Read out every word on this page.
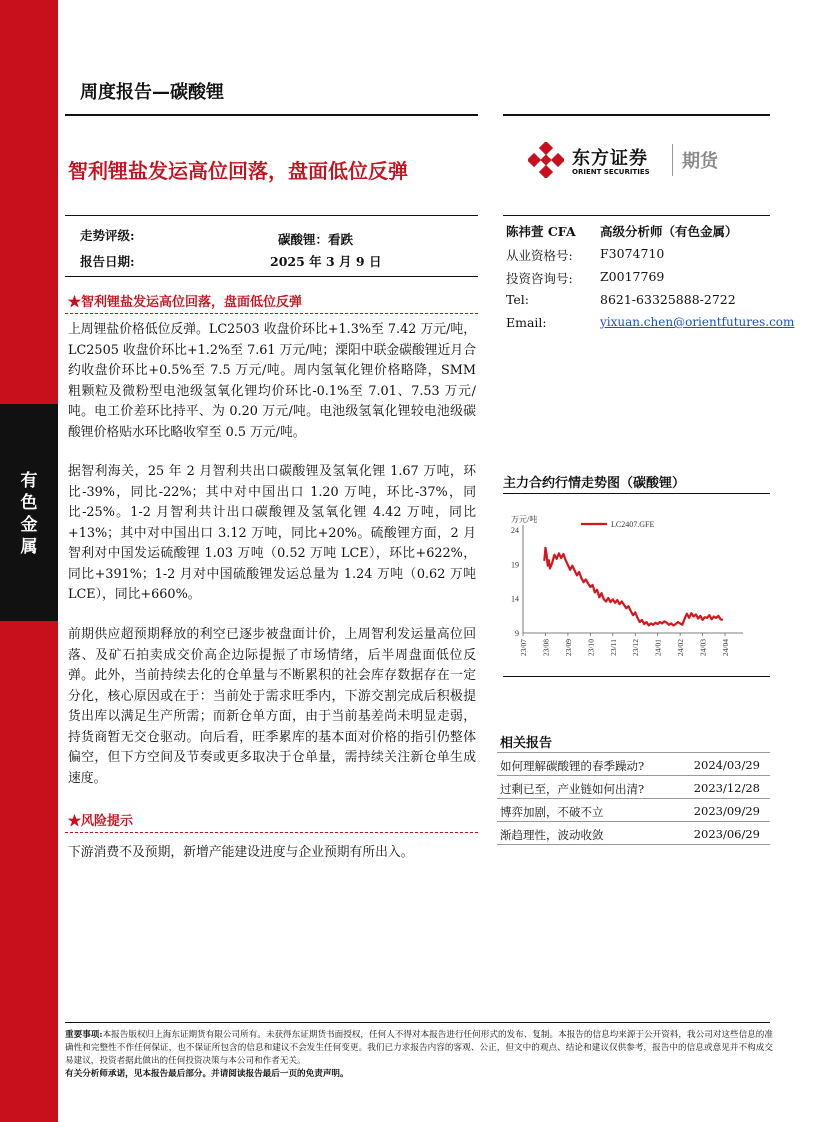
有
色
金
属
周度报告—碳酸锂
智利锂盐发运高位回落，盘面低位反弹
东方证券
ORIENT SECURITIES 期货
走势评级:	碳酸锂：看跌
报告日期:	2025 年 3 月 9 日
陈祎萱 CFA 高级分析师（有色金属）
从业资格号: F3074710
投资咨询号: Z0017769
Tel:	8621-63325888-2722
Email:	yixuan.chen@orientfutures.com
★智利锂盐发运高位回落，盘面低位反弹
上周锂盐价格低位反弹。LC2503 收盘价环比+1.3%至 7.42 万元/吨，LC2505 收盘价环比+1.2%至 7.61 万元/吨；溧阳中联金碳酸锂近月合约收盘价环比+0.5%至 7.5 万元/吨。周内氢氧化锂价格略降，SMM 粗颗粒及微粉型电池级氢氧化锂均价环比-0.1%至 7.01、7.53 万元/吨。电工价差环比持平、为 0.20 万元/吨。电池级氢氧化锂较电池级碳酸锂价格贴水环比略收窄至 0.5 万元/吨。
据智利海关，25 年 2 月智利共出口碳酸锂及氢氧化锂 1.67 万吨，环比-39%，同比-22%；其中对中国出口 1.20 万吨，环比-37%，同比-25%。1-2 月智利共计出口碳酸锂及氢氧化锂 4.42 万吨，同比+13%；其中对中国出口 3.12 万吨，同比+20%。硫酸锂方面，2 月智利对中国发运硫酸锂 1.03 万吨（0.52 万吨 LCE），环比+622%，同比+391%；1-2 月对中国硫酸锂发运总量为 1.24 万吨（0.62 万吨 LCE），同比+660%。
前期供应超预期释放的利空已逐步被盘面计价，上周智利发运量高位回落、及矿石拍卖成交价高企边际提振了市场情绪，后半周盘面低位反弹。此外，当前持续去化的仓单量与不断累积的社会库存数据存在一定分化，核心原因或在于：当前处于需求旺季内，下游交割完成后积极提货出库以满足生产所需；而新仓单方面，由于当前基差尚未明显走弱，持货商暂无交仓驱动。向后看，旺季累库的基本面对价格的指引仍整体偏空，但下方空间及节奏或更多取决于仓单量，需持续关注新仓单生成速度。
★风险提示
下游消费不及预期，新增产能建设进度与企业预期有所出入。
主力合约行情走势图（碳酸锂）
万元/吨
9
14
19
24
23/07 23/08 23/09 23/10 23/11 23/12 24/01 24/02 24/03 24/04
LC2407.GFE
相关报告
如何理解碳酸锂的春季躁动?	2024/03/29
过剩已至，产业链如何出清?	2023/12/28
博弈加剧，不破不立	2023/09/29
渐趋理性，波动收敛	2023/06/29
重要事项:本报告版权归上海东证期货有限公司所有。未获得东证期货书面授权，任何人不得对本报告进行任何形式的发布、复制。本报告的信息均来源于公开资料，我公司对这些信息的准确性和完整性不作任何保证，也不保证所包含的信息和建议不会发生任何变更。我们已力求报告内容的客观、公正，但文中的观点、结论和建议仅供参考，报告中的信息或意见并不构成交易建议，投资者据此做出的任何投资决策与本公司和作者无关。
有关分析师承诺，见本报告最后部分。并请阅读报告最后一页的免责声明。
